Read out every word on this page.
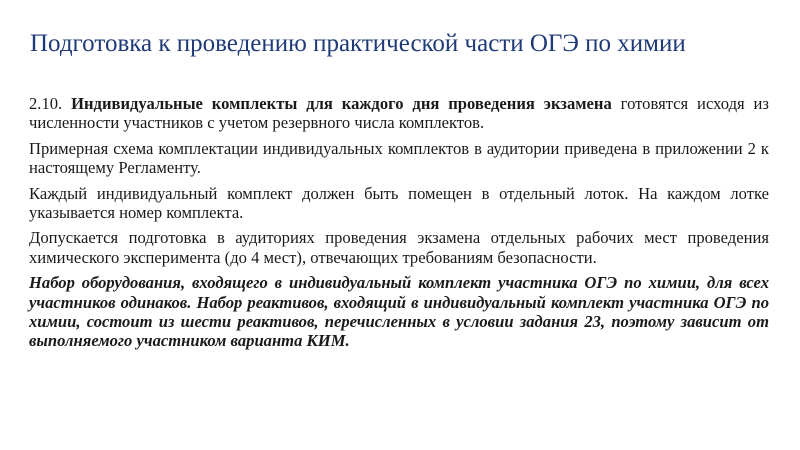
Подготовка к проведению практической части ОГЭ по химии

2.10. Индивидуальные комплекты для каждого дня проведения экзамена готовятся исходя из численности участников с учетом резервного числа комплектов.

Примерная схема комплектации индивидуальных комплектов в аудитории приведена в приложении 2 к настоящему Регламенту.

Каждый индивидуальный комплект должен быть помещен в отдельный лоток. На каждом лотке указывается номер комплекта.

Допускается подготовка в аудиториях проведения экзамена отдельных рабочих мест проведения химического эксперимента (до 4 мест), отвечающих требованиям безопасности.

Набор оборудования, входящего в индивидуальный комплект участника ОГЭ по химии, для всех участников одинаков. Набор реактивов, входящий в индивидуальный комплект участника ОГЭ по химии, состоит из шести реактивов, перечисленных в условии задания 23, поэтому зависит от выполняемого участником варианта КИМ.
